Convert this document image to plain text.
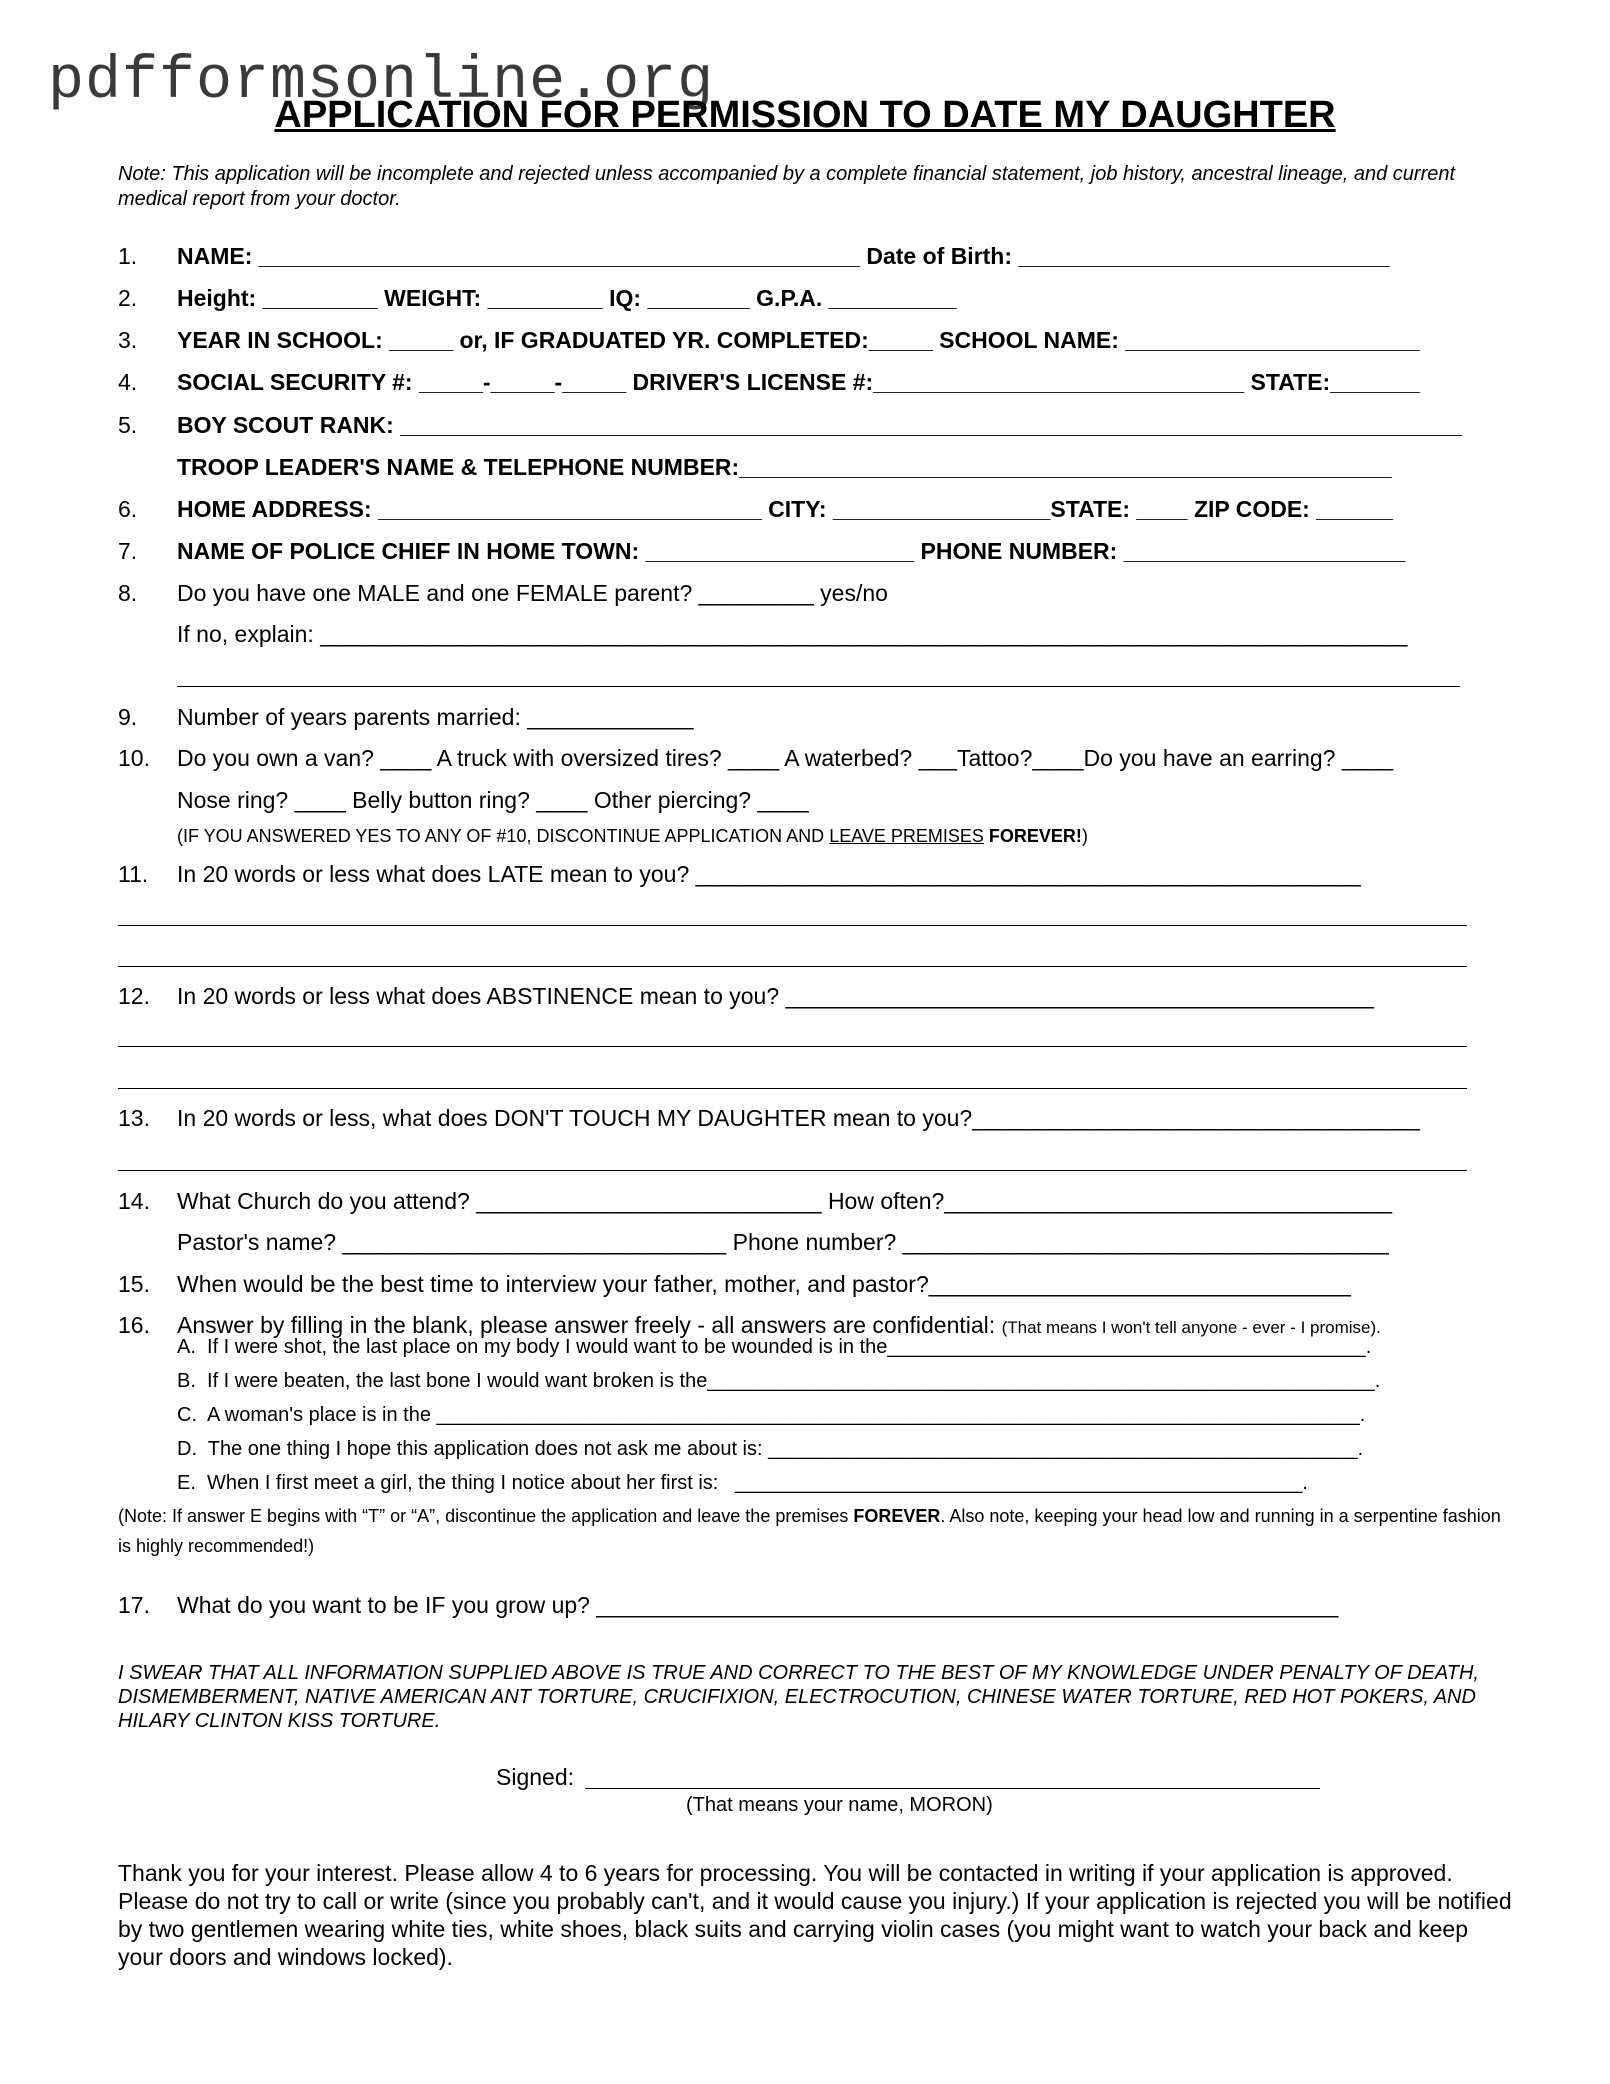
pdfformsonline.org
APPLICATION FOR PERMISSION TO DATE MY DAUGHTER
Note: This application will be incomplete and rejected unless accompanied by a complete financial statement, job history, ancestral lineage, and current medical report from your doctor.
1. NAME: _______________________________________________ Date of Birth: _____________________________
2. Height: _________ WEIGHT: _________ IQ: ________ G.P.A. __________
3. YEAR IN SCHOOL: _____ or, IF GRADUATED YR. COMPLETED:_____ SCHOOL NAME: _______________________
4. SOCIAL SECURITY #: _____-_____-_____ DRIVER'S LICENSE #:_____________________________ STATE:_______
5. BOY SCOUT RANK: ___________________________________________________________________________________
TROOP LEADER'S NAME & TELEPHONE NUMBER:___________________________________________________
6. HOME ADDRESS: ______________________________ CITY: _________________STATE: ____ ZIP CODE: ______
7. NAME OF POLICE CHIEF IN HOME TOWN: _____________________ PHONE NUMBER: ______________________
8. Do you have one MALE and one FEMALE parent? _________ yes/no
If no, explain: _____________________________________________________________________________________
9. Number of years parents married: _____________
10. Do you own a van? ____ A truck with oversized tires? ____ A waterbed? ___Tattoo?____Do you have an earring? ____
Nose ring? ____ Belly button ring? ____ Other piercing? ____
(IF YOU ANSWERED YES TO ANY OF #10, DISCONTINUE APPLICATION AND LEAVE PREMISES FOREVER!)
11. In 20 words or less what does LATE mean to you? ____________________________________________________
12. In 20 words or less what does ABSTINENCE mean to you? ______________________________________________
13. In 20 words or less, what does DON'T TOUCH MY DAUGHTER mean to you?___________________________________
14. What Church do you attend? ___________________________ How often?___________________________________
Pastor's name? ______________________________ Phone number? ______________________________________
15. When would be the best time to interview your father, mother, and pastor?_________________________________
16. Answer by filling in the blank, please answer freely - all answers are confidential: (That means I won't tell anyone - ever - I promise).
A.  If I were shot, the last place on my body I would want to be wounded is in the___________________________________________.
B.  If I were beaten, the last bone I would want broken is the____________________________________________________________.
C.  A woman's place is in the ___________________________________________________________________________________.
D.  The one thing I hope this application does not ask me about is: _____________________________________________________.
E.  When I first meet a girl, the thing I notice about her first is:   ___________________________________________________.
(Note: If answer E begins with “T” or “A”, discontinue the application and leave the premises FOREVER. Also note, keeping your head low and running in a serpentine fashion is highly recommended!)
17. What do you want to be IF you grow up? __________________________________________________________
I SWEAR THAT ALL INFORMATION SUPPLIED ABOVE IS TRUE AND CORRECT TO THE BEST OF MY KNOWLEDGE UNDER PENALTY OF DEATH, DISMEMBERMENT, NATIVE AMERICAN ANT TORTURE, CRUCIFIXION, ELECTROCUTION, CHINESE WATER TORTURE, RED HOT POKERS, AND HILARY CLINTON KISS TORTURE.
Signed:
(That means your name, MORON)
Thank you for your interest. Please allow 4 to 6 years for processing. You will be contacted in writing if your application is approved. Please do not try to call or write (since you probably can't, and it would cause you injury.) If your application is rejected you will be notified by two gentlemen wearing white ties, white shoes, black suits and carrying violin cases (you might want to watch your back and keep your doors and windows locked).
